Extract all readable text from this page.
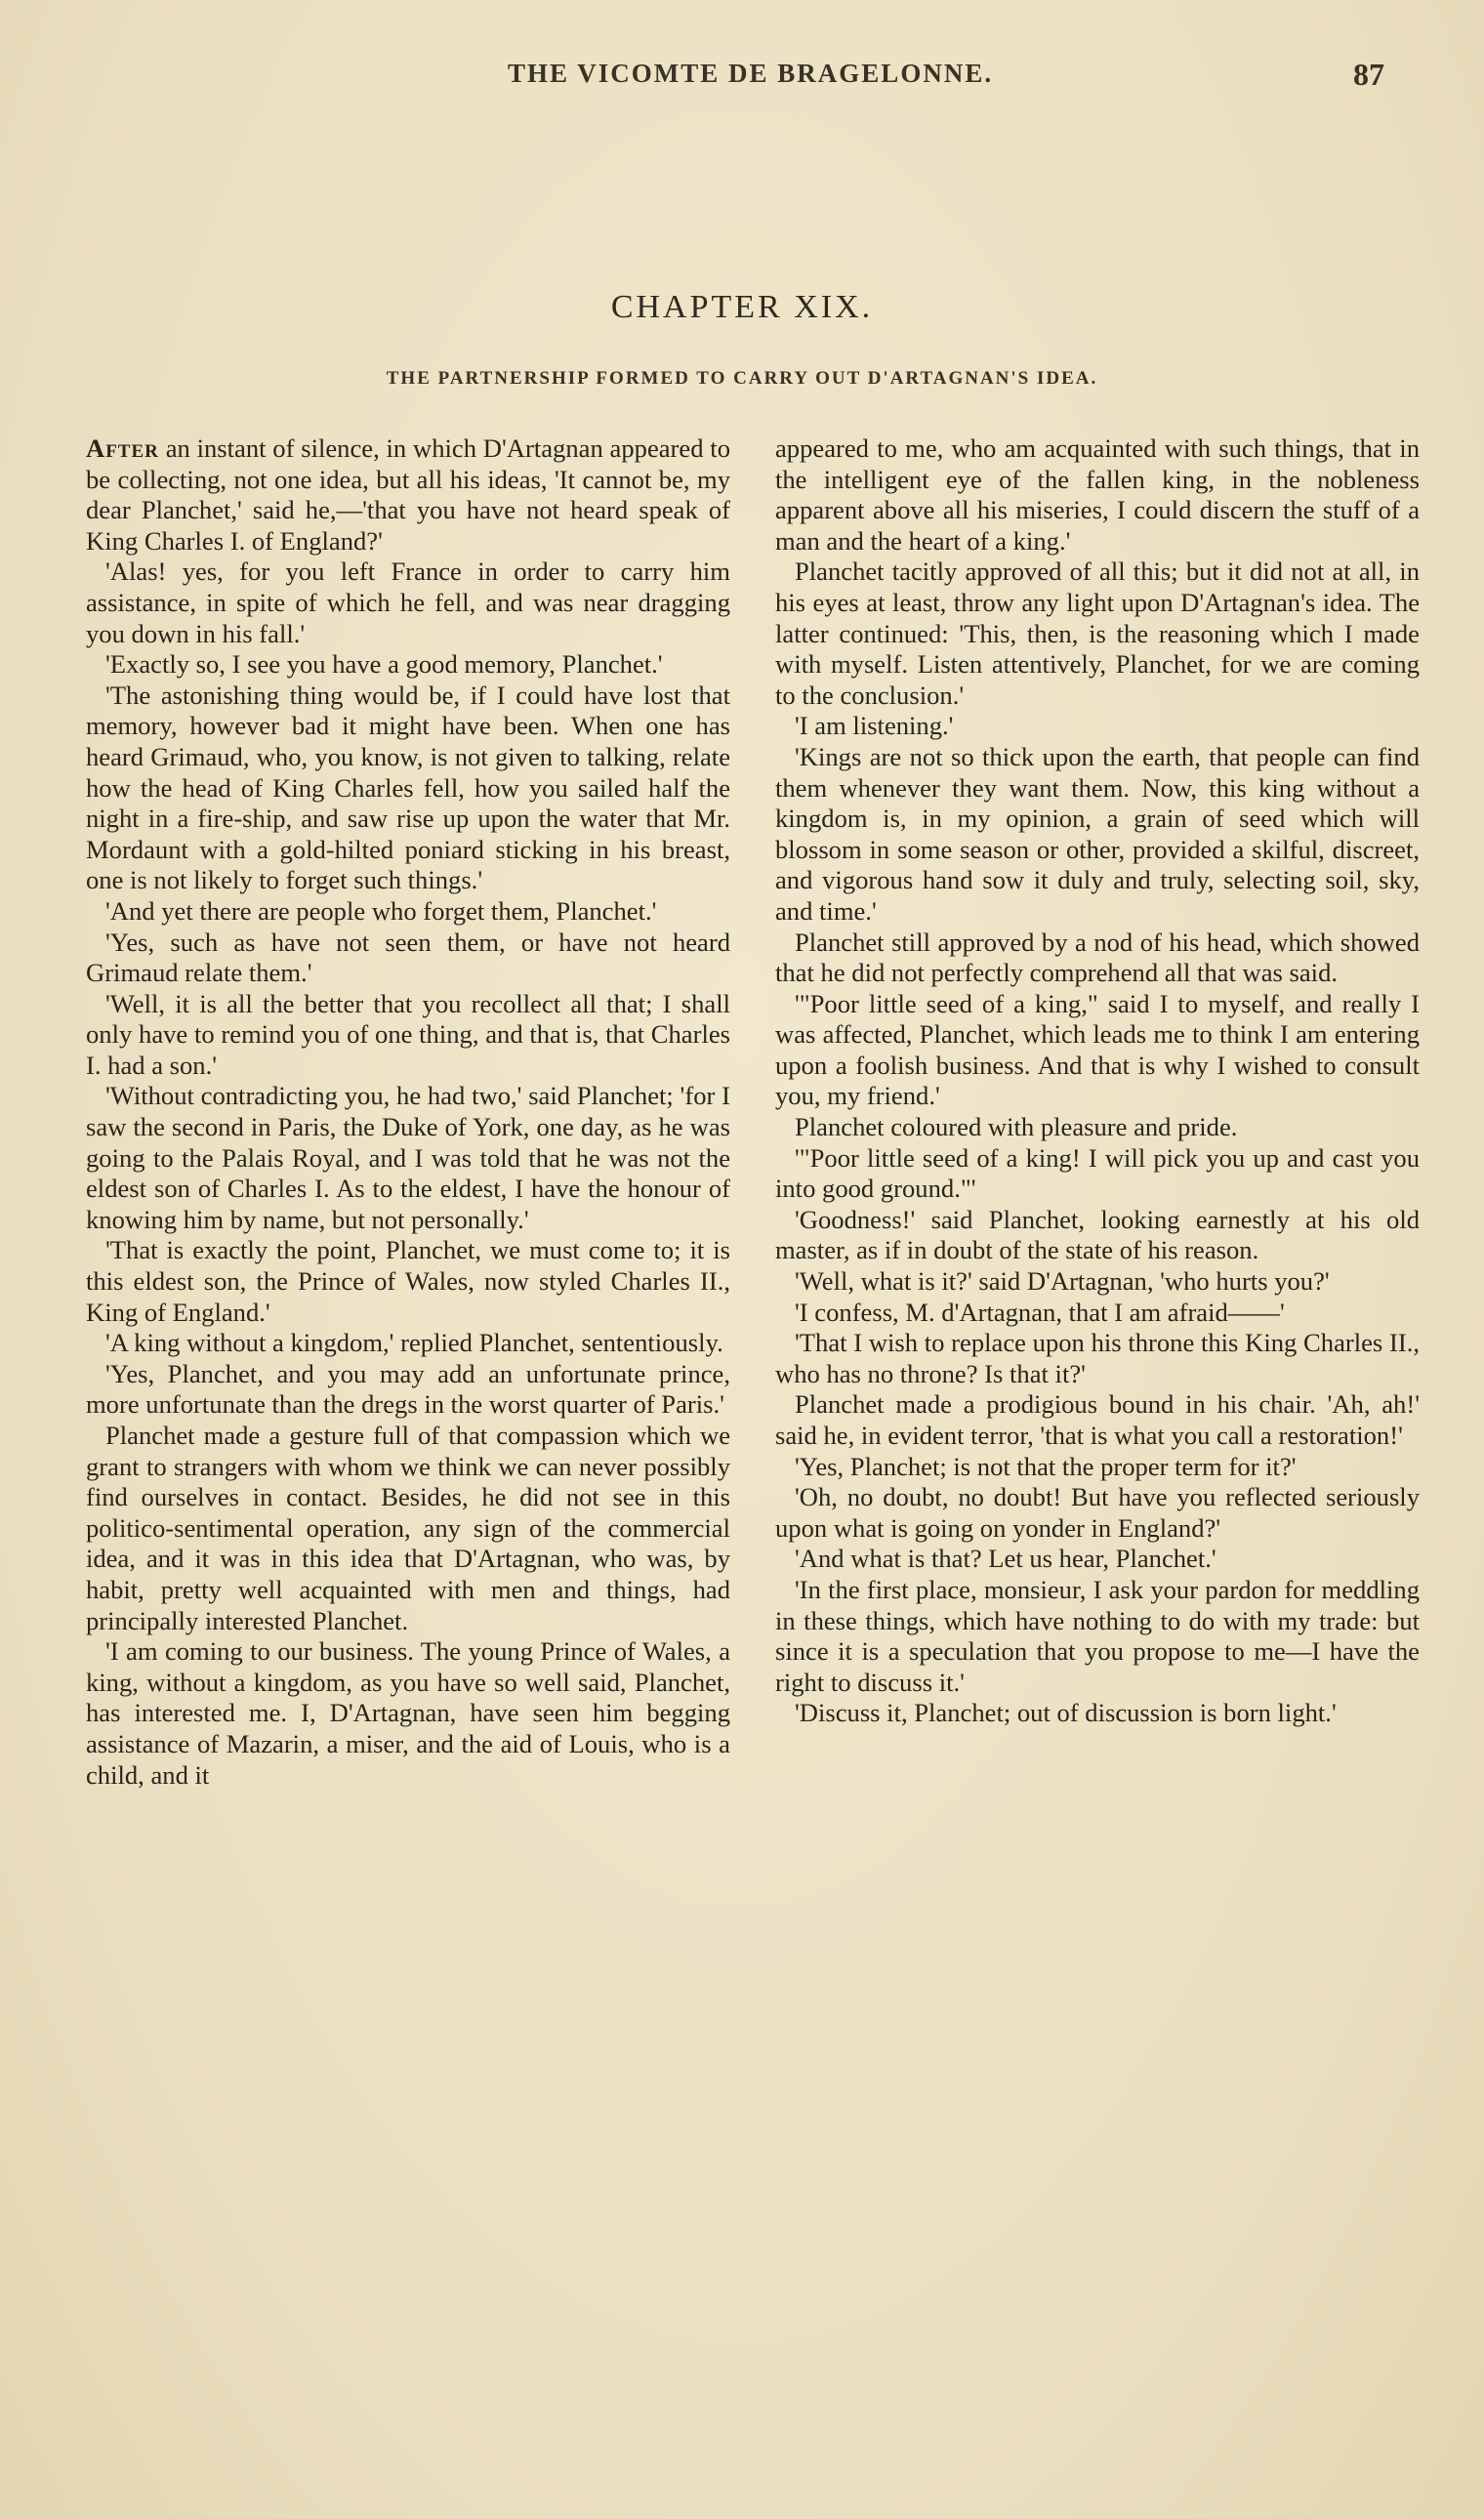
THE VICOMTE DE BRAGELONNE.	87
CHAPTER XIX.
THE PARTNERSHIP FORMED TO CARRY OUT D'ARTAGNAN'S IDEA.

After an instant of silence, in which D'Artagnan appeared to be collecting, not one idea, but all his ideas, 'It cannot be, my dear Planchet,' said he,—'that you have not heard speak of King Charles I. of England?'

'Alas! yes, for you left France in order to carry him assistance, in spite of which he fell, and was near dragging you down in his fall.'

'Exactly so, I see you have a good memory, Planchet.'

'The astonishing thing would be, if I could have lost that memory, however bad it might have been. When one has heard Grimaud, who, you know, is not given to talking, relate how the head of King Charles fell, how you sailed half the night in a fire-ship, and saw rise up upon the water that Mr. Mordaunt with a gold-hilted poniard sticking in his breast, one is not likely to forget such things.'

'And yet there are people who forget them, Planchet.'

'Yes, such as have not seen them, or have not heard Grimaud relate them.'

'Well, it is all the better that you recollect all that; I shall only have to remind you of one thing, and that is, that Charles I. had a son.'

'Without contradicting you, he had two,' said Planchet; 'for I saw the second in Paris, the Duke of York, one day, as he was going to the Palais Royal, and I was told that he was not the eldest son of Charles I. As to the eldest, I have the honour of knowing him by name, but not personally.'

'That is exactly the point, Planchet, we must come to; it is this eldest son, the Prince of Wales, now styled Charles II., King of England.'

'A king without a kingdom,' replied Planchet, sententiously.

'Yes, Planchet, and you may add an unfortunate prince, more unfortunate than the dregs in the worst quarter of Paris.'

Planchet made a gesture full of that compassion which we grant to strangers with whom we think we can never possibly find ourselves in contact. Besides, he did not see in this politico-sentimental operation, any sign of the commercial idea, and it was in this idea that D'Artagnan, who was, by habit, pretty well acquainted with men and things, had principally interested Planchet.

'I am coming to our business. The young Prince of Wales, a king, without a kingdom, as you have so well said, Planchet, has interested me. I, D'Artagnan, have seen him begging assistance of Mazarin, a miser, and the aid of Louis, who is a child, and it

appeared to me, who am acquainted with such things, that in the intelligent eye of the fallen king, in the nobleness apparent above all his miseries, I could discern the stuff of a man and the heart of a king.'

Planchet tacitly approved of all this; but it did not at all, in his eyes at least, throw any light upon D'Artagnan's idea. The latter continued: 'This, then, is the reasoning which I made with myself. Listen attentively, Planchet, for we are coming to the conclusion.'

'I am listening.'

'Kings are not so thick upon the earth, that people can find them whenever they want them. Now, this king without a kingdom is, in my opinion, a grain of seed which will blossom in some season or other, provided a skilful, discreet, and vigorous hand sow it duly and truly, selecting soil, sky, and time.'

Planchet still approved by a nod of his head, which showed that he did not perfectly comprehend all that was said.

'"Poor little seed of a king," said I to myself, and really I was affected, Planchet, which leads me to think I am entering upon a foolish business. And that is why I wished to consult you, my friend.'

Planchet coloured with pleasure and pride.

'"Poor little seed of a king! I will pick you up and cast you into good ground."'

'Goodness!' said Planchet, looking earnestly at his old master, as if in doubt of the state of his reason.

'Well, what is it?' said D'Artagnan, 'who hurts you?'

'I confess, M. d'Artagnan, that I am afraid——'

'That I wish to replace upon his throne this King Charles II., who has no throne? Is that it?'

Planchet made a prodigious bound in his chair. 'Ah, ah!' said he, in evident terror, 'that is what you call a restoration!'

'Yes, Planchet; is not that the proper term for it?'

'Oh, no doubt, no doubt! But have you reflected seriously upon what is going on yonder in England?'

'And what is that? Let us hear, Planchet.'

'In the first place, monsieur, I ask your pardon for meddling in these things, which have nothing to do with my trade: but since it is a speculation that you propose to me—I have the right to discuss it.'

'Discuss it, Planchet; out of discussion is born light.'
